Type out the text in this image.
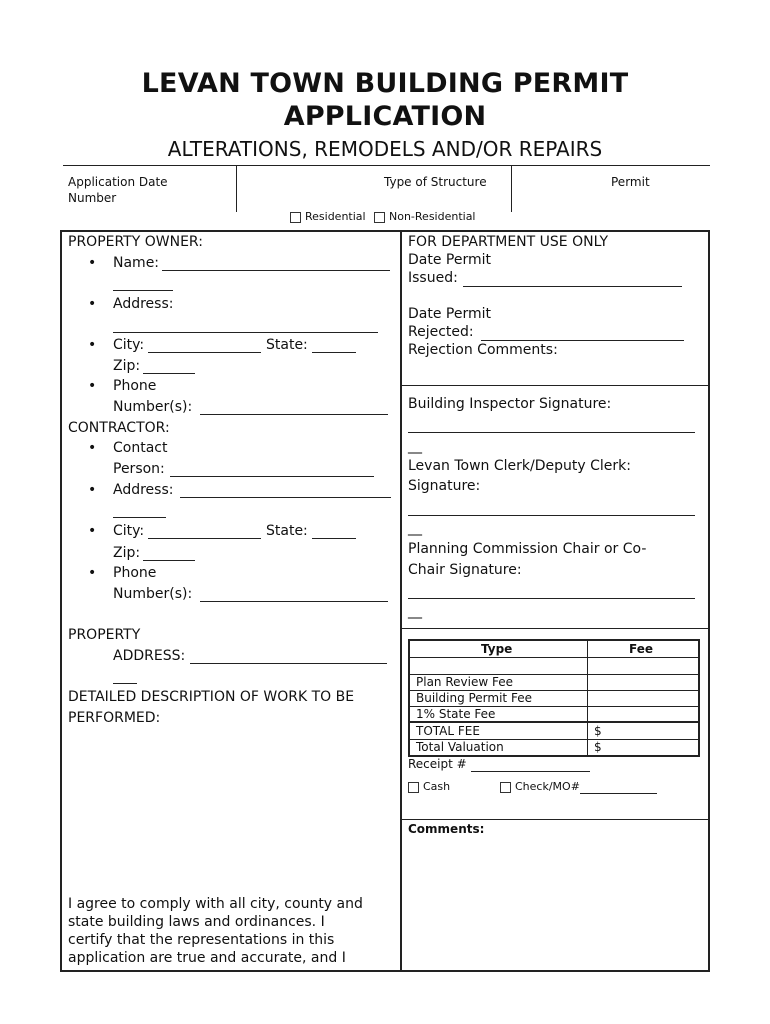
LEVAN TOWN BUILDING PERMIT
APPLICATION
ALTERATIONS, REMODELS AND/OR REPAIRS
Application Date
Number
Type of Structure	Permit
Residential	Non-Residential
PROPERTY OWNER:
• Name:
• Address:
• City:	State:
Zip:
• Phone
Number(s):
CONTRACTOR:
• Contact
Person:
• Address:
• City:	State:
Zip:
• Phone
Number(s):
PROPERTY
ADDRESS:
DETAILED DESCRIPTION OF WORK TO BE
PERFORMED:
I agree to comply with all city, county and
state building laws and ordinances. I
certify that the representations in this
application are true and accurate, and I
FOR DEPARTMENT USE ONLY
Date Permit
Issued:
Date Permit
Rejected:
Rejection Comments:
Building Inspector Signature:
__
Levan Town Clerk/Deputy Clerk:
Signature:
__
Planning Commission Chair or Co-
Chair Signature:
__
Type	Fee
Plan Review Fee
Building Permit Fee
1% State Fee
TOTAL FEE	$
Total Valuation	$
Receipt #
Cash	Check/MO#
Comments:
